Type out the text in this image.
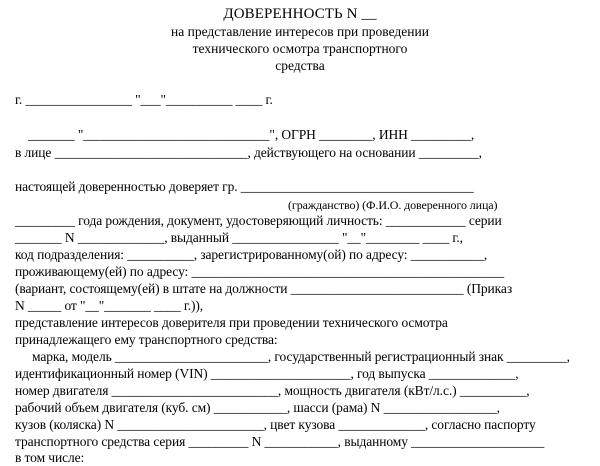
ДОВЕРЕННОСТЬ N __
на представление интересов при проведении
технического осмотра транспортного
средства
г. ________________ "___"__________ ____ г.
_______ "____________________________", ОГРН ________, ИНН _________,
в лице _____________________________, действующего на основании _________,
настоящей доверенностью доверяет гр. ___________________________________
(гражданство) (Ф.И.О. доверенного лица)
_________ года рождения, документ, удостоверяющий личность: ____________ серии
_______ N _____________, выданный ________________ "__"________ ____ г.,
код подразделения: __________, зарегистрированному(ой) по адресу: ___________,
проживающему(ей) по адресу: _______________________________________________
(вариант, состоящему(ей) в штате на должности __________________________ (Приказ
N _____ от "__"_______ ____ г.)),
представление интересов доверителя при проведении технического осмотра
принадлежащего ему транспортного средства:
марка, модель _______________________, государственный регистрационный знак _________,
идентификационный номер (VIN) _____________________, год выпуска _____________,
номер двигателя _________________________, мощность двигателя (кВт/л.с.) __________,
рабочий объем двигателя (куб. см) ___________, шасси (рама) N _________________,
кузов (коляска) N ______________________, цвет кузова _____________, согласно паспорту
транспортного средства серия _________ N ___________, выданному ____________________
в том числе:
